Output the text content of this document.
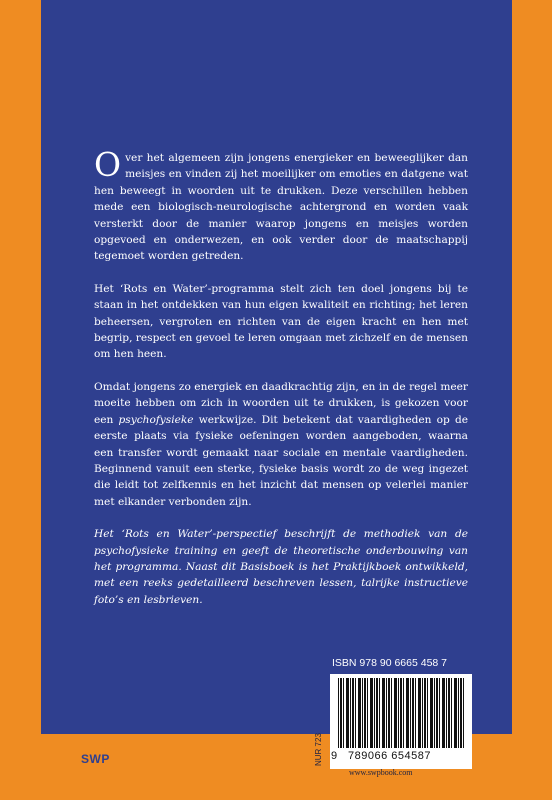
Over het algemeen zijn jongens energieker en beweeglijker dan meisjes en vinden zij het moeilijker om emoties en datgene wat hen beweegt in woorden uit te drukken. Deze verschillen hebben mede een biologisch-neurologische achtergrond en worden vaak versterkt door de manier waarop jongens en meisjes worden opgevoed en onderwezen, en ook verder door de maatschappij tegemoet worden getreden.

Het ‘Rots en Water’-programma stelt zich ten doel jongens bij te staan in het ontdekken van hun eigen kwaliteit en richting; het leren beheersen, vergroten en richten van de eigen kracht en hen met begrip, respect en gevoel te leren omgaan met zichzelf en de mensen om hen heen.

Omdat jongens zo energiek en daadkrachtig zijn, en in de regel meer moeite hebben om zich in woorden uit te drukken, is gekozen voor een psychofysieke werkwijze. Dit betekent dat vaardigheden op de eerste plaats via fysieke oefeningen worden aangeboden, waarna een transfer wordt gemaakt naar sociale en mentale vaardigheden. Beginnend vanuit een sterke, fysieke basis wordt zo de weg ingezet die leidt tot zelfkennis en het inzicht dat mensen op velerlei manier met elkander verbonden zijn.

Het ‘Rots en Water’-perspectief beschrijft de methodiek van de psychofysieke training en geeft de theoretische onderbouwing van het programma. Naast dit Basisboek is het Praktijkboek ontwikkeld, met een reeks gedetailleerd beschreven lessen, talrijke instructieve foto’s en lesbrieven.

ISBN 978 90 6665 458 7
9 789066 654587
NUR 723
SWP
www.swpbook.com
